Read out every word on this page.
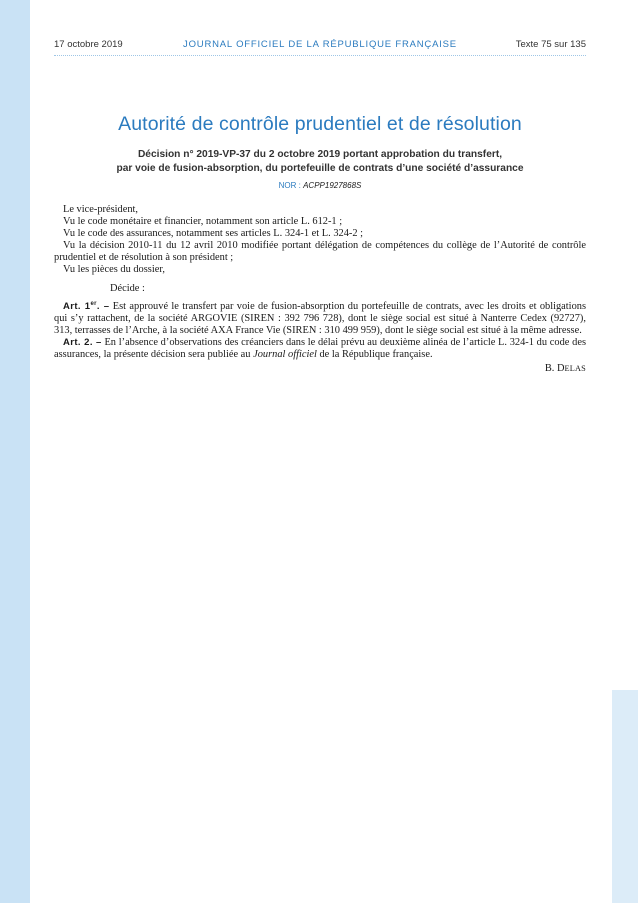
17 octobre 2019	JOURNAL OFFICIEL DE LA RÉPUBLIQUE FRANÇAISE	Texte 75 sur 135
Autorité de contrôle prudentiel et de résolution
Décision n° 2019-VP-37 du 2 octobre 2019 portant approbation du transfert,
par voie de fusion-absorption, du portefeuille de contrats d’une société d’assurance
NOR : ACPP1927868S

Le vice-président,

Vu le code monétaire et financier, notamment son article L. 612-1 ;

Vu le code des assurances, notamment ses articles L. 324-1 et L. 324-2 ;

Vu la décision 2010-11 du 12 avril 2010 modifiée portant délégation de compétences du collège de l’Autorité de contrôle prudentiel et de résolution à son président ;

Vu les pièces du dossier,

Décide :

Art. 1er. – Est approuvé le transfert par voie de fusion-absorption du portefeuille de contrats, avec les droits et obligations qui s’y rattachent, de la société ARGOVIE (SIREN : 392 796 728), dont le siège social est situé à Nanterre Cedex (92727), 313, terrasses de l’Arche, à la société AXA France Vie (SIREN : 310 499 959), dont le siège social est situé à la même adresse.

Art. 2. – En l’absence d’observations des créanciers dans le délai prévu au deuxième alinéa de l’article L. 324-1 du code des assurances, la présente décision sera publiée au Journal officiel de la République française.

B. DELAS
